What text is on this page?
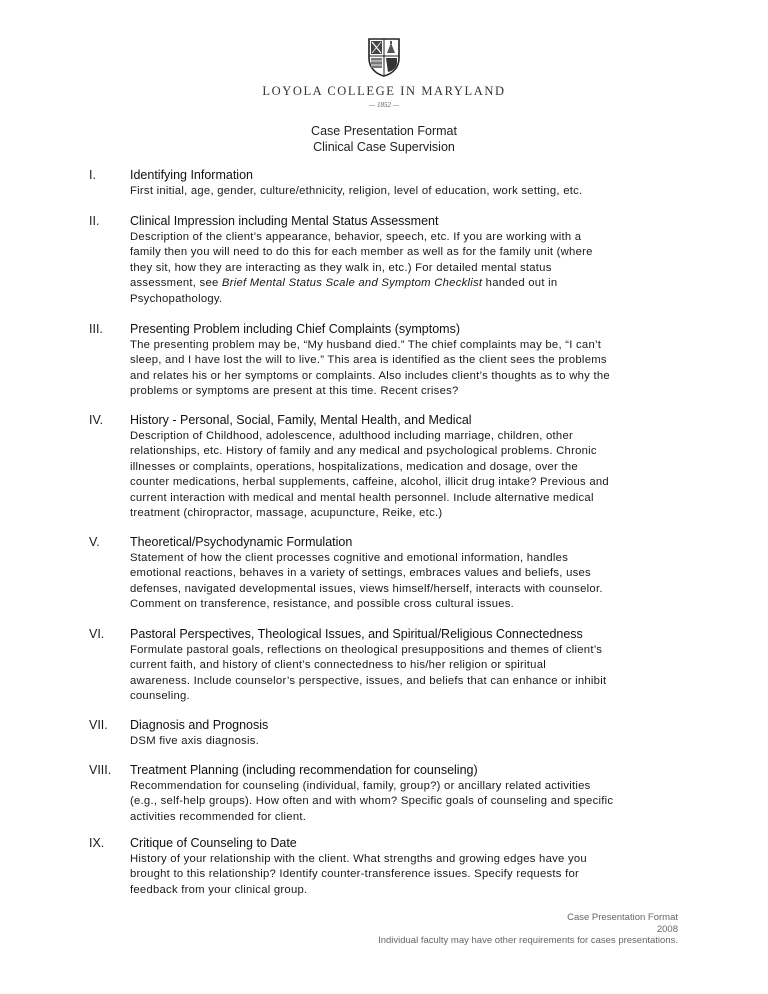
LOYOLA COLLEGE IN MARYLAND
— 1852 —
Case Presentation Format
Clinical Case Supervision
I.	Identifying Information
First initial, age, gender, culture/ethnicity, religion, level of education, work setting, etc.
II. Clinical Impression including Mental Status Assessment
Description of the client’s appearance, behavior, speech, etc. If you are working with a
family then you will need to do this for each member as well as for the family unit (where
they sit, how they are interacting as they walk in, etc.) For detailed mental status
assessment, see Brief Mental Status Scale and Symptom Checklist handed out in
Psychopathology.
III. Presenting Problem including Chief Complaints (symptoms)
The presenting problem may be, “My husband died.” The chief complaints may be, “I can’t
sleep, and I have lost the will to live.” This area is identified as the client sees the problems
and relates his or her symptoms or complaints. Also includes client’s thoughts as to why the
problems or symptoms are present at this time. Recent crises?
IV. History - Personal, Social, Family, Mental Health, and Medical
Description of Childhood, adolescence, adulthood including marriage, children, other
relationships, etc. History of family and any medical and psychological problems. Chronic
illnesses or complaints, operations, hospitalizations, medication and dosage, over the
counter medications, herbal supplements, caffeine, alcohol, illicit drug intake? Previous and
current interaction with medical and mental health personnel. Include alternative medical
treatment (chiropractor, massage, acupuncture, Reike, etc.)
V. Theoretical/Psychodynamic Formulation
Statement of how the client processes cognitive and emotional information, handles
emotional reactions, behaves in a variety of settings, embraces values and beliefs, uses
defenses, navigated developmental issues, views himself/herself, interacts with counselor.
Comment on transference, resistance, and possible cross cultural issues.
VI. Pastoral Perspectives, Theological Issues, and Spiritual/Religious Connectedness
Formulate pastoral goals, reflections on theological presuppositions and themes of client’s
current faith, and history of client’s connectedness to his/her religion or spiritual
awareness. Include counselor’s perspective, issues, and beliefs that can enhance or inhibit
counseling.
VII. Diagnosis and Prognosis
DSM five axis diagnosis.
VIII. Treatment Planning (including recommendation for counseling)
Recommendation for counseling (individual, family, group?) or ancillary related activities
(e.g., self-help groups). How often and with whom? Specific goals of counseling and specific
activities recommended for client.
IX. Critique of Counseling to Date
History of your relationship with the client. What strengths and growing edges have you
brought to this relationship? Identify counter-transference issues. Specify requests for
feedback from your clinical group.
Case Presentation Format
2008
Individual faculty may have other requirements for cases presentations.
